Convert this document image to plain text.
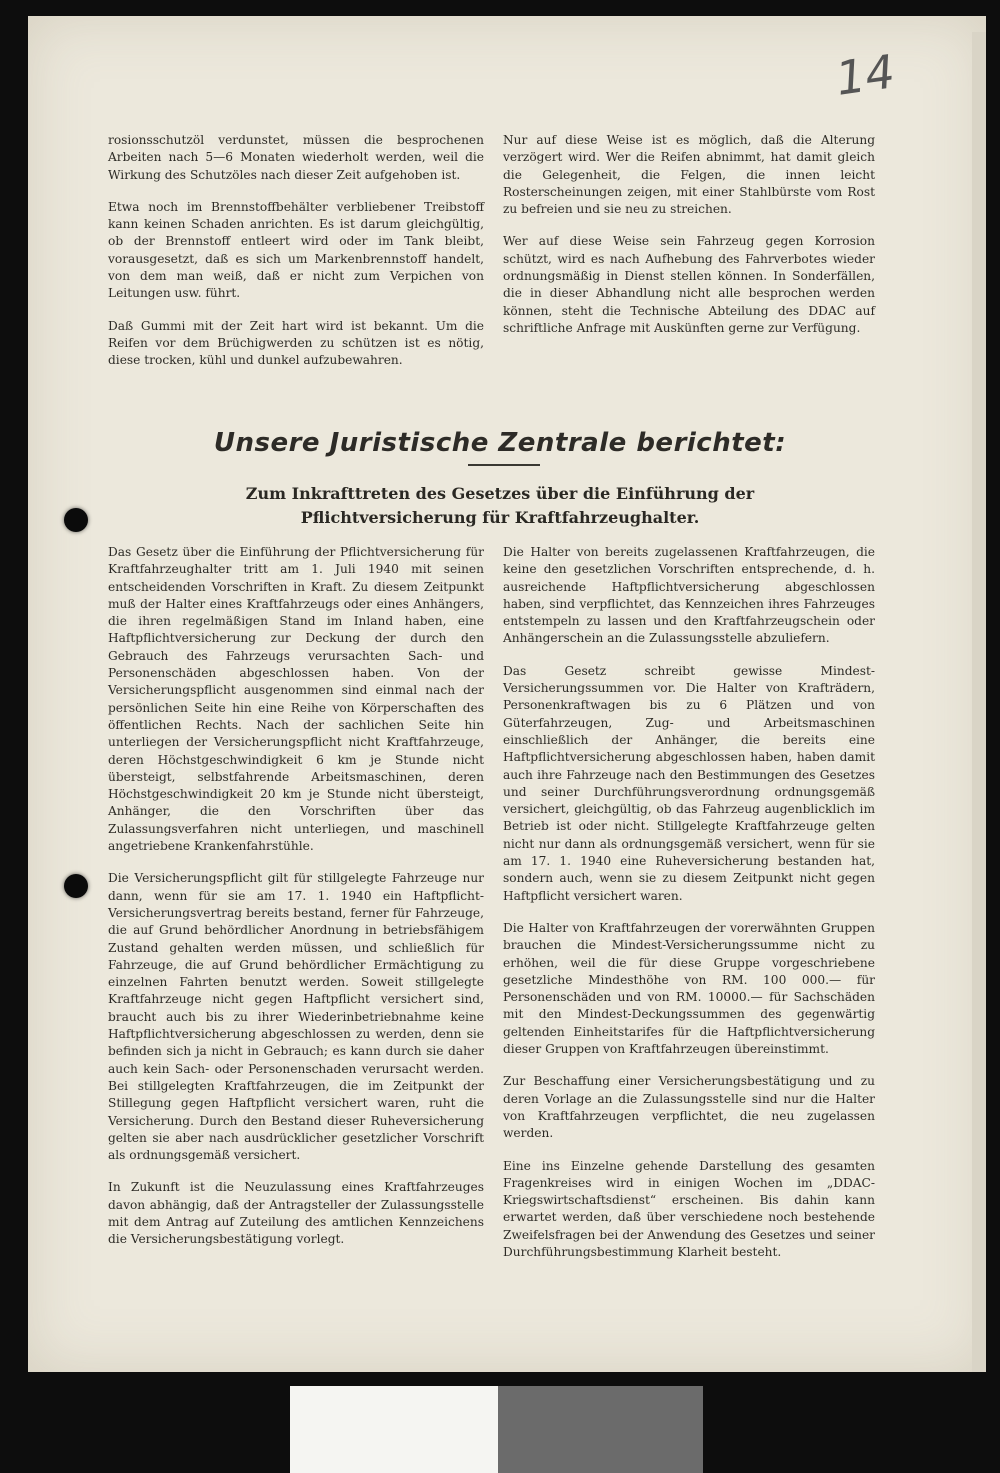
14

rosionsschutzöl verdunstet, müssen die besprochenen Arbeiten nach 5—6 Monaten wiederholt werden, weil die Wirkung des Schutzöles nach dieser Zeit aufgehoben ist.

Etwa noch im Brennstoffbehälter verbliebener Treibstoff kann keinen Schaden anrichten. Es ist darum gleichgültig, ob der Brennstoff entleert wird oder im Tank bleibt, vorausgesetzt, daß es sich um Markenbrennstoff handelt, von dem man weiß, daß er nicht zum Verpichen von Leitungen usw. führt.

Daß Gummi mit der Zeit hart wird ist bekannt. Um die Reifen vor dem Brüchigwerden zu schützen ist es nötig, diese trocken, kühl und dunkel aufzubewahren.

Nur auf diese Weise ist es möglich, daß die Alterung verzögert wird. Wer die Reifen abnimmt, hat damit gleich die Gelegenheit, die Felgen, die innen leicht Rosterscheinungen zeigen, mit einer Stahlbürste vom Rost zu befreien und sie neu zu streichen.

Wer auf diese Weise sein Fahrzeug gegen Korrosion schützt, wird es nach Aufhebung des Fahrverbotes wieder ordnungsmäßig in Dienst stellen können. In Sonderfällen, die in dieser Abhandlung nicht alle besprochen werden können, steht die Technische Abteilung des DDAC auf schriftliche Anfrage mit Auskünften gerne zur Verfügung.

Unsere Juristische Zentrale berichtet:
Zum Inkrafttreten des Gesetzes über die Einführung der Pflichtversicherung für Kraftfahrzeughalter.

Das Gesetz über die Einführung der Pflichtversicherung für Kraftfahrzeughalter tritt am 1. Juli 1940 mit seinen entscheidenden Vorschriften in Kraft. Zu diesem Zeitpunkt muß der Halter eines Kraftfahrzeugs oder eines Anhängers, die ihren regelmäßigen Stand im Inland haben, eine Haftpflichtversicherung zur Deckung der durch den Gebrauch des Fahrzeugs verursachten Sach- und Personenschäden abgeschlossen haben. Von der Versicherungspflicht ausgenommen sind einmal nach der persönlichen Seite hin eine Reihe von Körperschaften des öffentlichen Rechts. Nach der sachlichen Seite hin unterliegen der Versicherungspflicht nicht Kraftfahrzeuge, deren Höchstgeschwindigkeit 6 km je Stunde nicht übersteigt, selbstfahrende Arbeitsmaschinen, deren Höchstgeschwindigkeit 20 km je Stunde nicht übersteigt, Anhänger, die den Vorschriften über das Zulassungsverfahren nicht unterliegen, und maschinell angetriebene Krankenfahrstühle.

Die Versicherungspflicht gilt für stillgelegte Fahrzeuge nur dann, wenn für sie am 17. 1. 1940 ein Haftpflicht-Versicherungsvertrag bereits bestand, ferner für Fahrzeuge, die auf Grund behördlicher Anordnung in betriebsfähigem Zustand gehalten werden müssen, und schließlich für Fahrzeuge, die auf Grund behördlicher Ermächtigung zu einzelnen Fahrten benutzt werden. Soweit stillgelegte Kraftfahrzeuge nicht gegen Haftpflicht versichert sind, braucht auch bis zu ihrer Wiederinbetriebnahme keine Haftpflichtversicherung abgeschlossen zu werden, denn sie befinden sich ja nicht in Gebrauch; es kann durch sie daher auch kein Sach- oder Personenschaden verursacht werden. Bei stillgelegten Kraftfahrzeugen, die im Zeitpunkt der Stillegung gegen Haftpflicht versichert waren, ruht die Versicherung. Durch den Bestand dieser Ruheversicherung gelten sie aber nach ausdrücklicher gesetzlicher Vorschrift als ordnungsgemäß versichert.

In Zukunft ist die Neuzulassung eines Kraftfahrzeuges davon abhängig, daß der Antragsteller der Zulassungsstelle mit dem Antrag auf Zuteilung des amtlichen Kennzeichens die Versicherungsbestätigung vorlegt.

Die Halter von bereits zugelassenen Kraftfahrzeugen, die keine den gesetzlichen Vorschriften entsprechende, d. h. ausreichende Haftpflichtversicherung abgeschlossen haben, sind verpflichtet, das Kennzeichen ihres Fahrzeuges entstempeln zu lassen und den Kraftfahrzeugschein oder Anhängerschein an die Zulassungsstelle abzuliefern.

Das Gesetz schreibt gewisse Mindest-Versicherungssummen vor. Die Halter von Krafträdern, Personenkraftwagen bis zu 6 Plätzen und von Güterfahrzeugen, Zug- und Arbeitsmaschinen einschließlich der Anhänger, die bereits eine Haftpflichtversicherung abgeschlossen haben, haben damit auch ihre Fahrzeuge nach den Bestimmungen des Gesetzes und seiner Durchführungsverordnung ordnungsgemäß versichert, gleichgültig, ob das Fahrzeug augenblicklich im Betrieb ist oder nicht. Stillgelegte Kraftfahrzeuge gelten nicht nur dann als ordnungsgemäß versichert, wenn für sie am 17. 1. 1940 eine Ruheversicherung bestanden hat, sondern auch, wenn sie zu diesem Zeitpunkt nicht gegen Haftpflicht versichert waren.

Die Halter von Kraftfahrzeugen der vorerwähnten Gruppen brauchen die Mindest-Versicherungssumme nicht zu erhöhen, weil die für diese Gruppe vorgeschriebene gesetzliche Mindesthöhe von RM. 100 000.— für Personenschäden und von RM. 10000.— für Sachschäden mit den Mindest-Deckungssummen des gegenwärtig geltenden Einheitstarifes für die Haftpflichtversicherung dieser Gruppen von Kraftfahrzeugen übereinstimmt.

Zur Beschaffung einer Versicherungsbestätigung und zu deren Vorlage an die Zulassungsstelle sind nur die Halter von Kraftfahrzeugen verpflichtet, die neu zugelassen werden.

Eine ins Einzelne gehende Darstellung des gesamten Fragenkreises wird in einigen Wochen im „DDAC-Kriegswirtschaftsdienst“ erscheinen. Bis dahin kann erwartet werden, daß über verschiedene noch bestehende Zweifelsfragen bei der Anwendung des Gesetzes und seiner Durchführungsbestimmung Klarheit besteht.
